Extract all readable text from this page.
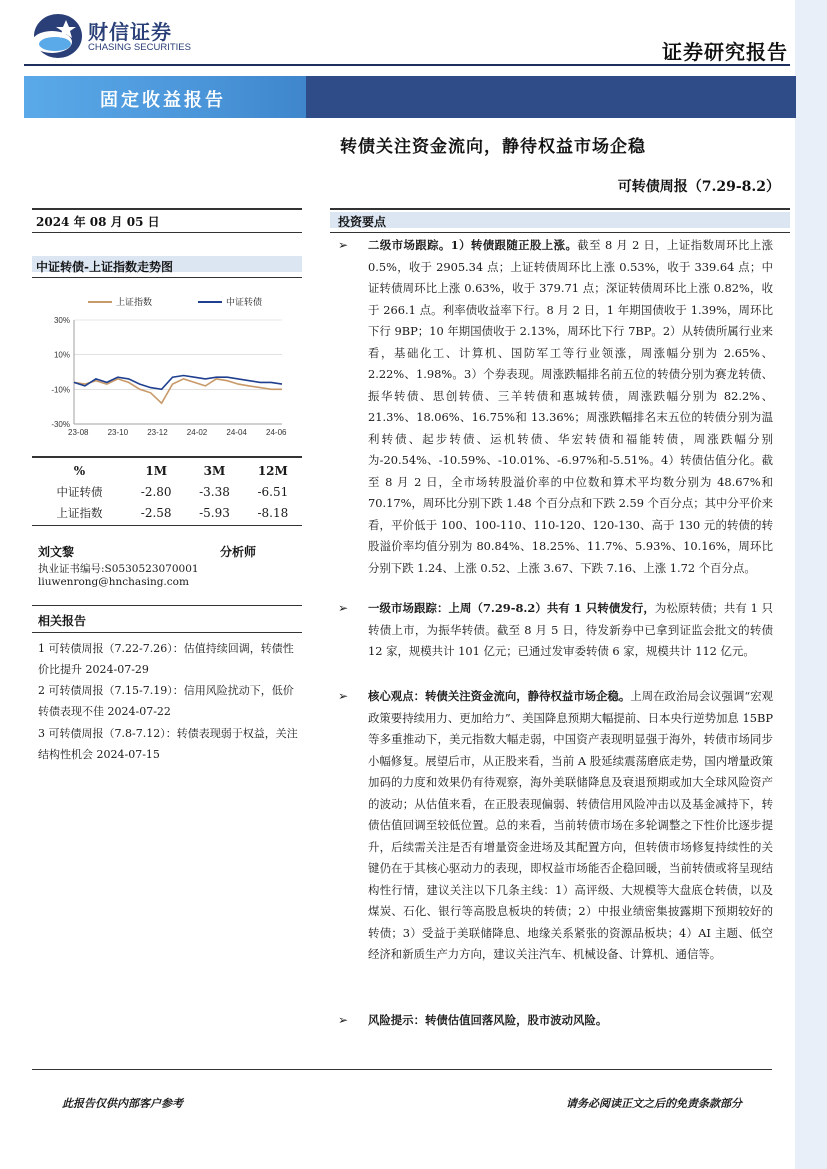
财信证券
CHASING SECURITIES	证券研究报告
固定收益报告
转债关注资金流向，静待权益市场企稳
可转债周报（7.29-8.2）
2024 年 08 月 05 日
中证转债-上证指数走势图
30%
10%
-10%
-30%
23-08 23-10 23-12 24-02 24-04 24-06
上证指数	中证转债
%	1M	3M	12M
中证转债	-2.80	-3.38	-6.51
上证指数	-2.58	-5.93	-8.18
刘文黎	分析师
执业证书编号:S0530523070001
liuwenrong@hnchasing.com
相关报告
1 可转债周报（7.22-7.26）：估值持续回调，转债性价比提升 2024-07-29
2 可转债周报（7.15-7.19）：信用风险扰动下，低价转债表现不佳 2024-07-22
3 可转债周报（7.8-7.12）：转债表现弱于权益，关注结构性机会 2024-07-15
投资要点
➢ 二级市场跟踪。1）转债跟随正股上涨。截至 8 月 2 日，上证指数周环比上涨 0.5%，收于 2905.34 点；上证转债周环比上涨 0.53%，收于 339.64 点；中证转债周环比上涨 0.63%，收于 379.71 点；深证转债周环比上涨 0.82%，收于 266.1 点。利率债收益率下行。8 月 2 日，1 年期国债收于 1.39%，周环比下行 9BP；10 年期国债收于 2.13%，周环比下行 7BP。2）从转债所属行业来看，基础化工、计算机、国防军工等行业领涨，周涨幅分别为 2.65%、2.22%、1.98%。3）个券表现。周涨跌幅排名前五位的转债分别为赛龙转债、振华转债、思创转债、三羊转债和惠城转债，周涨跌幅分别为 82.2%、21.3%、18.06%、16.75%和 13.36%；周涨跌幅排名末五位的转债分别为温利转债、起步转债、运机转债、华宏转债和福能转债，周涨跌幅分别为-20.54%、-10.59%、-10.01%、-6.97%和-5.51%。4）转债估值分化。截至 8 月 2 日，全市场转股溢价率的中位数和算术平均数分别为 48.67%和 70.17%，周环比分别下跌 1.48 个百分点和下跌 2.59 个百分点；其中分平价来看，平价低于 100、100-110、110-120、120-130、高于 130 元的转债的转股溢价率均值分别为 80.84%、18.25%、11.7%、5.93%、10.16%，周环比分别下跌 1.24、上涨 0.52、上涨 3.67、下跌 7.16、上涨 1.72 个百分点。
➢ 一级市场跟踪：上周（7.29-8.2）共有 1 只转债发行，为松原转债；共有 1 只转债上市，为振华转债。截至 8 月 5 日，待发新券中已拿到证监会批文的转债 12 家，规模共计 101 亿元；已通过发审委转债 6 家，规模共计 112 亿元。
➢ 核心观点：转债关注资金流向，静待权益市场企稳。上周在政治局会议强调“宏观政策要持续用力、更加给力”、美国降息预期大幅提前、日本央行逆势加息 15BP 等多重推动下，美元指数大幅走弱，中国资产表现明显强于海外，转债市场同步小幅修复。展望后市，从正股来看，当前 A 股延续震荡磨底走势，国内增量政策加码的力度和效果仍有待观察，海外美联储降息及衰退预期或加大全球风险资产的波动；从估值来看，在正股表现偏弱、转债信用风险冲击以及基金减持下，转债估值回调至较低位置。总的来看，当前转债市场在多轮调整之下性价比逐步提升，后续需关注是否有增量资金进场及其配置方向，但转债市场修复持续性的关键仍在于其核心驱动力的表现，即权益市场能否企稳回暖，当前转债或将呈现结构性行情，建议关注以下几条主线：1）高评级、大规模等大盘底仓转债，以及煤炭、石化、银行等高股息板块的转债；2）中报业绩密集披露期下预期较好的转债；3）受益于美联储降息、地缘关系紧张的资源品板块；4）AI 主题、低空经济和新质生产力方向，建议关注汽车、机械设备、计算机、通信等。
➢ 风险提示：转债估值回落风险，股市波动风险。
此报告仅供内部客户参考	请务必阅读正文之后的免责条款部分
